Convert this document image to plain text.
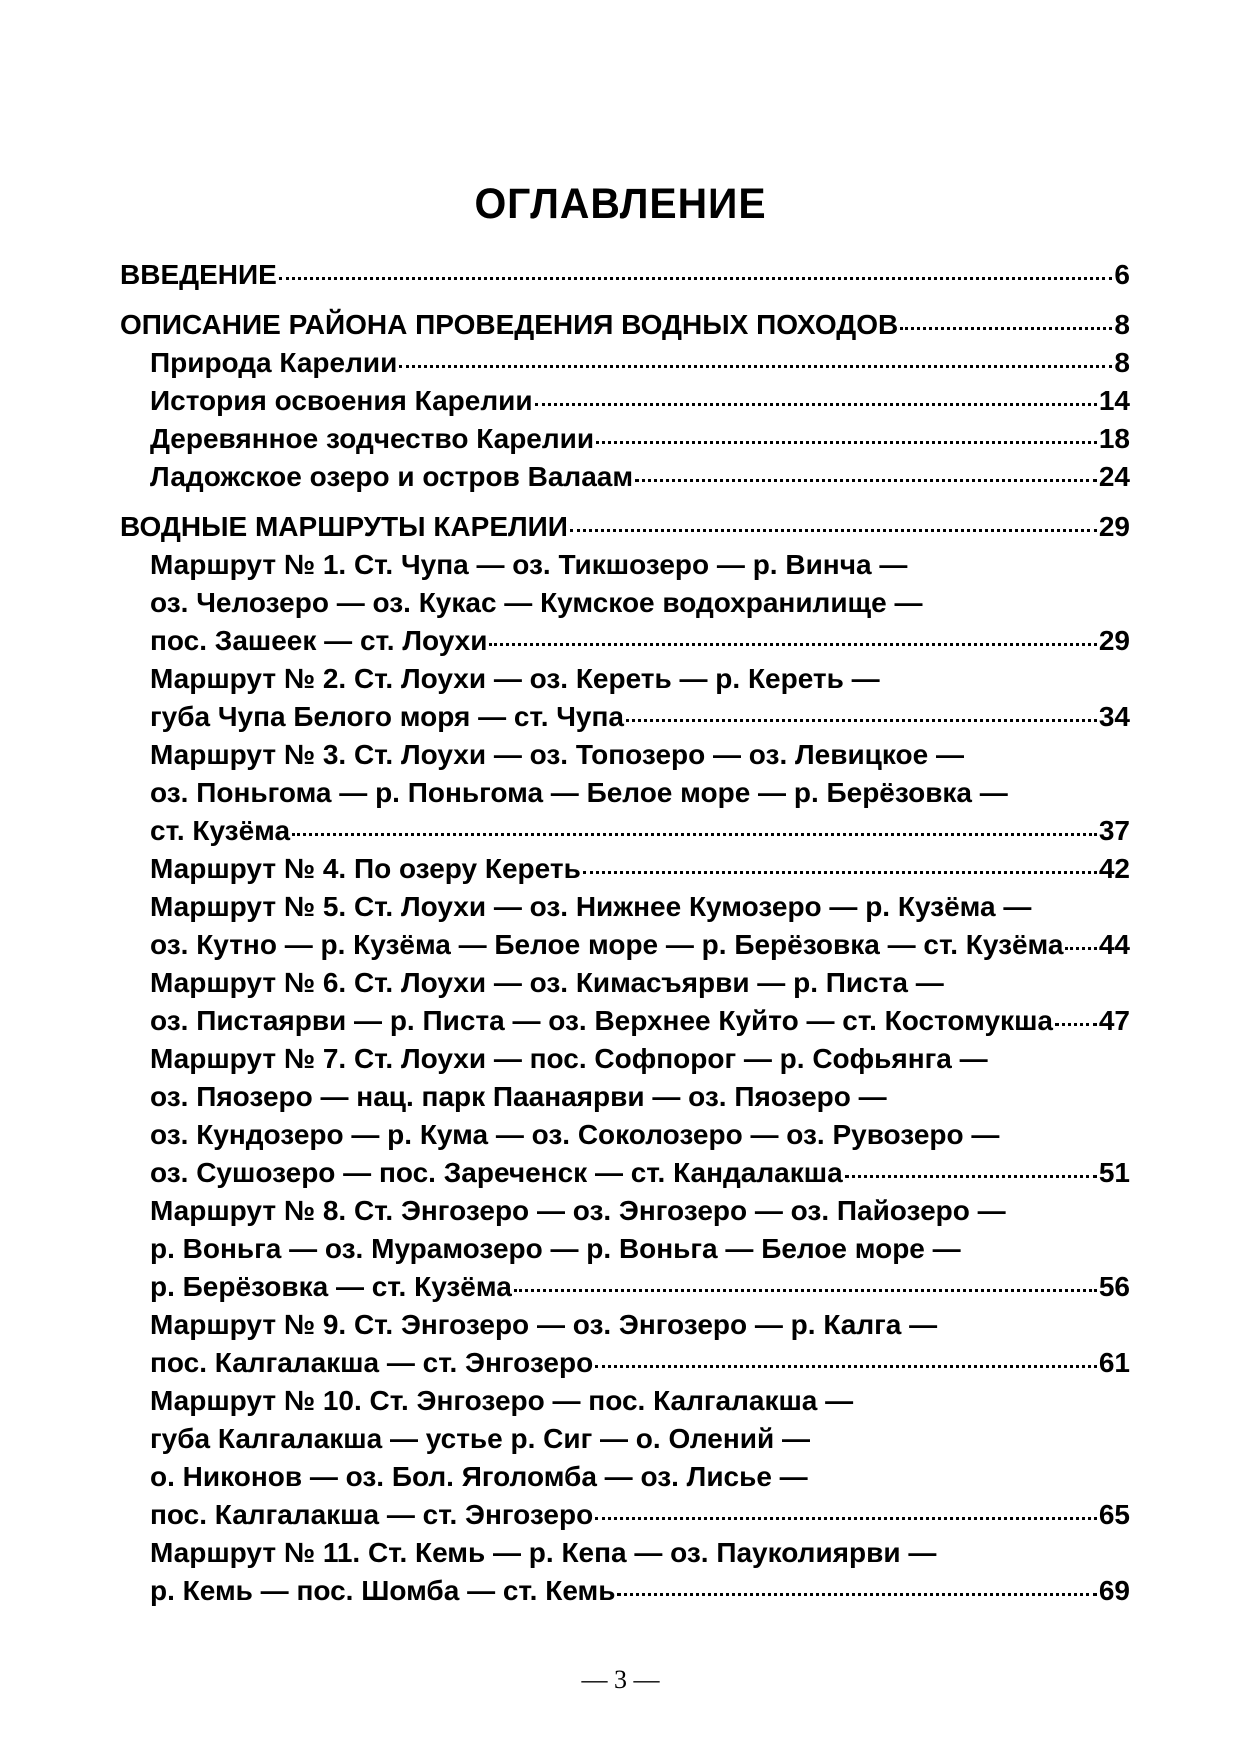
ОГЛАВЛЕНИЕ
ВВЕДЕНИЕ	6
ОПИСАНИЕ РАЙОНА ПРОВЕДЕНИЯ ВОДНЫХ ПОХОДОВ	8
Природа Карелии	8
История освоения Карелии	14
Деревянное зодчество Карелии	18
Ладожское озеро и остров Валаам	24
ВОДНЫЕ МАРШРУТЫ КАРЕЛИИ	29
Маршрут № 1. Ст. Чупа — оз. Тикшозеро — р. Винча —
оз. Челозеро — оз. Кукас — Кумское водохранилище —
пос. Зашеек — ст. Лоухи	29
Маршрут № 2. Ст. Лоухи — оз. Кереть — р. Кереть —
губа Чупа Белого моря — ст. Чупа	34
Маршрут № 3. Ст. Лоухи — оз. Топозеро — оз. Левицкое —
оз. Поньгома — р. Поньгома — Белое море — р. Берёзовка —
ст. Кузёма	37
Маршрут № 4. По озеру Кереть	42
Маршрут № 5. Ст. Лоухи — оз. Нижнее Кумозеро — р. Кузёма —
оз. Кутно — р. Кузёма — Белое море — р. Берёзовка — ст. Кузёма 44
Маршрут № 6. Ст. Лоухи — оз. Кимасъярви — р. Писта —
оз. Пистаярви — р. Писта — оз. Верхнее Куйто — ст. Костомукша 47
Маршрут № 7. Ст. Лоухи — пос. Софпорог — р. Софьянга —
оз. Пяозеро — нац. парк Паанаярви — оз. Пяозеро —
оз. Кундозеро — р. Кума — оз. Соколозеро — оз. Рувозеро —
оз. Сушозеро — пос. Зареченск — ст. Кандалакша	51
Маршрут № 8. Ст. Энгозеро — оз. Энгозеро — оз. Пайозеро —
р. Воньга — оз. Мурамозеро — р. Воньга — Белое море —
р. Берёзовка — ст. Кузёма	56
Маршрут № 9. Ст. Энгозеро — оз. Энгозеро — р. Калга —
пос. Калгалакша — ст. Энгозеро	61
Маршрут № 10. Ст. Энгозеро — пос. Калгалакша —
губа Калгалакша — устье р. Сиг — о. Олений —
о. Никонов — оз. Бол. Яголомба — оз. Лисье —
пос. Калгалакша — ст. Энгозеро	65
Маршрут № 11. Ст. Кемь — р. Кепа — оз. Пауколиярви —
р. Кемь — пос. Шомба — ст. Кемь	69
— 3 —
